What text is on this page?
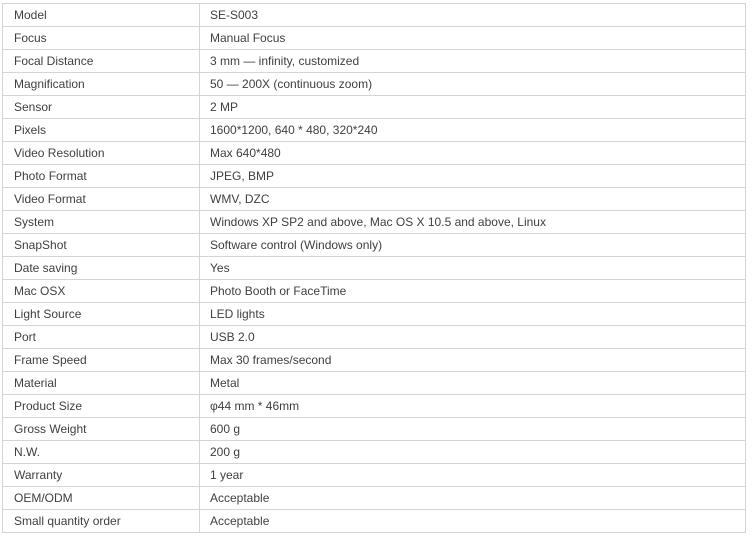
Model	SE-S003
Focus	Manual Focus
Focal Distance	3 mm — infinity, customized
Magnification	50 — 200X (continuous zoom)
Sensor	2 MP
Pixels	1600*1200, 640 * 480, 320*240
Video Resolution	Max 640*480
Photo Format	JPEG, BMP
Video Format	WMV, DZC
System	Windows XP SP2 and above, Mac OS X 10.5 and above, Linux
SnapShot	Software control (Windows only)
Date saving	Yes
Mac OSX	Photo Booth or FaceTime
Light Source	LED lights
Port	USB 2.0
Frame Speed	Max 30 frames/second
Material	Metal
Product Size	φ44 mm * 46mm
Gross Weight	600 g
N.W.	200 g
Warranty	1 year
OEM/ODM	Acceptable
Small quantity order	Acceptable
